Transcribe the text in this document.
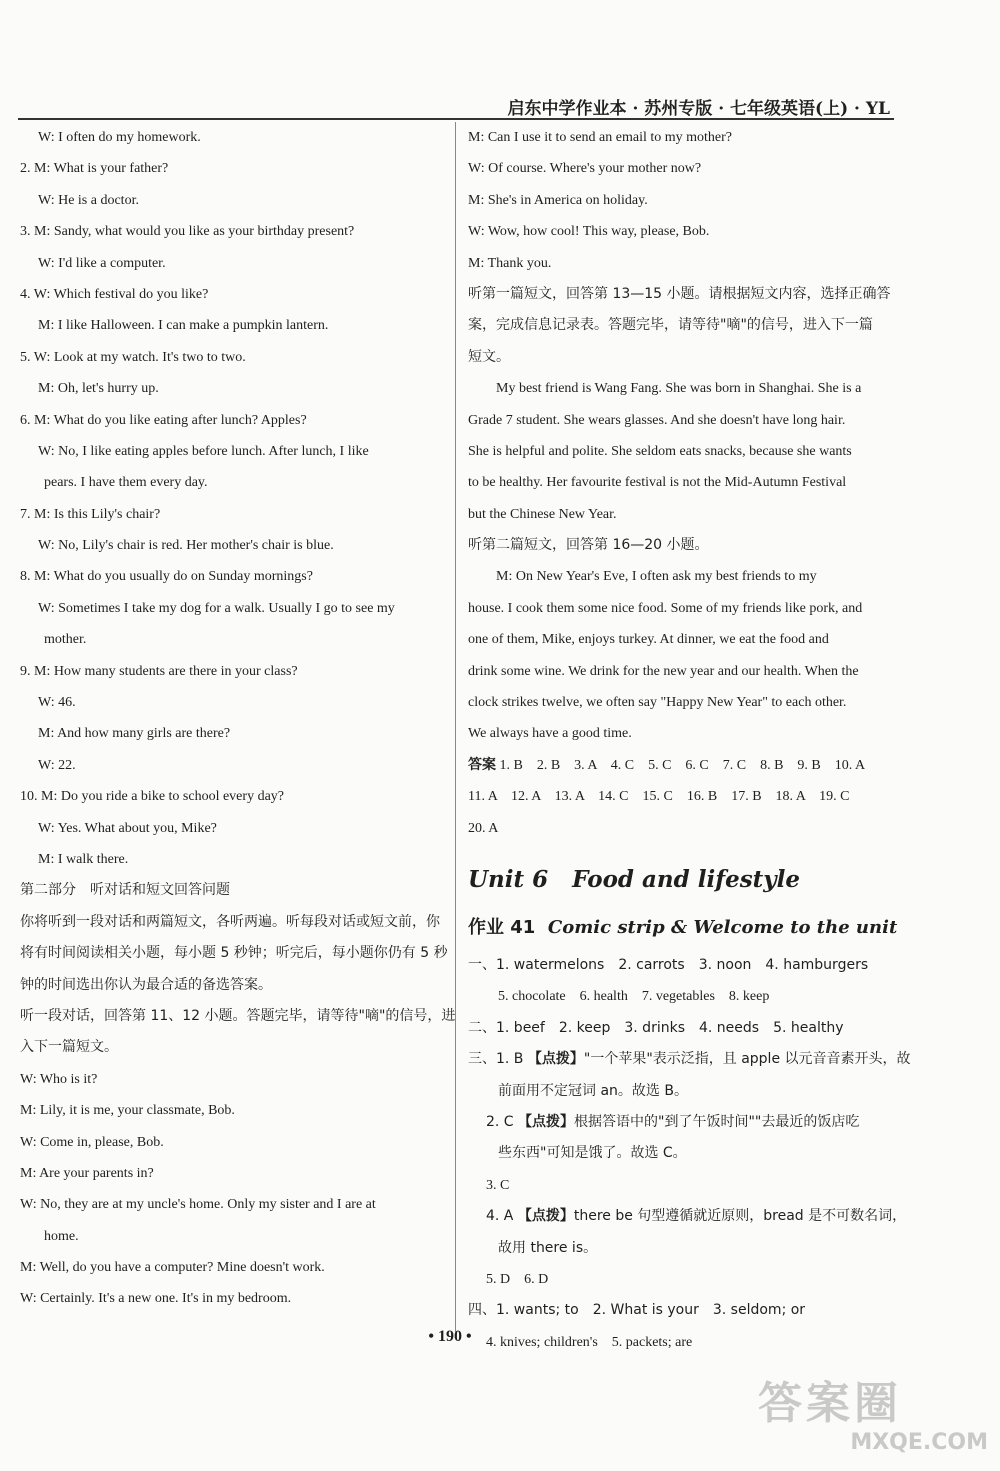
启东中学作业本 · 苏州专版 · 七年级英语(上) · YL
W: I often do my homework.
2. M: What is your father?
W: He is a doctor.
3. M: Sandy, what would you like as your birthday present?
W: I'd like a computer.
4. W: Which festival do you like?
M: I like Halloween. I can make a pumpkin lantern.
5. W: Look at my watch. It's two to two.
M: Oh, let's hurry up.
6. M: What do you like eating after lunch? Apples?
W: No, I like eating apples before lunch. After lunch, I like
pears. I have them every day.
7. M: Is this Lily's chair?
W: No, Lily's chair is red. Her mother's chair is blue.
8. M: What do you usually do on Sunday mornings?
W: Sometimes I take my dog for a walk. Usually I go to see my
mother.
9. M: How many students are there in your class?
W: 46.
M: And how many girls are there?
W: 22.
10. M: Do you ride a bike to school every day?
W: Yes. What about you, Mike?
M: I walk there.
第二部分　听对话和短文回答问题
你将听到一段对话和两篇短文，各听两遍。听每段对话或短文前，你
将有时间阅读相关小题，每小题 5 秒钟；听完后，每小题你仍有 5 秒
钟的时间选出你认为最合适的备选答案。
听一段对话，回答第 11、12 小题。答题完毕，请等待"嘀"的信号，进
入下一篇短文。
W: Who is it?
M: Lily, it is me, your classmate, Bob.
W: Come in, please, Bob.
M: Are your parents in?
W: No, they are at my uncle's home. Only my sister and I are at
home.
M: Well, do you have a computer? Mine doesn't work.
W: Certainly. It's a new one. It's in my bedroom.
M: Can I use it to send an email to my mother?
W: Of course. Where's your mother now?
M: She's in America on holiday.
W: Wow, how cool! This way, please, Bob.
M: Thank you.
听第一篇短文，回答第 13—15 小题。请根据短文内容，选择正确答
案，完成信息记录表。答题完毕，请等待"嘀"的信号，进入下一篇
短文。
My best friend is Wang Fang. She was born in Shanghai. She is a
Grade 7 student. She wears glasses. And she doesn't have long hair.
She is helpful and polite. She seldom eats snacks, because she wants
to be healthy. Her favourite festival is not the Mid-Autumn Festival
but the Chinese New Year.
听第二篇短文，回答第 16—20 小题。
M: On New Year's Eve, I often ask my best friends to my
house. I cook them some nice food. Some of my friends like pork, and
one of them, Mike, enjoys turkey. At dinner, we eat the food and
drink some wine. We drink for the new year and our health. When the
clock strikes twelve, we often say "Happy New Year" to each other.
We always have a good time.
答案 1. B　2. B　3. A　4. C　5. C　6. C　7. C　8. B　9. B　10. A
11. A　12. A　13. A　14. C　15. C　16. B　17. B　18. A　19. C
20. A
Unit 6 Food and lifestyle
作业 41 Comic strip & Welcome to the unit
一、1. watermelons　2. carrots　3. noon　4. hamburgers
5. chocolate　6. health　7. vegetables　8. keep
二、1. beef　2. keep　3. drinks　4. needs　5. healthy
三、1. B 【点拨】"一个苹果"表示泛指，且 apple 以元音音素开头，故
前面用不定冠词 an。故选 B。
2. C 【点拨】根据答语中的"到了午饭时间""去最近的饭店吃
些东西"可知是饿了。故选 C。
3. C
4. A 【点拨】there be 句型遵循就近原则，bread 是不可数名词，
故用 there is。
5. D　6. D
四、1. wants; to　2. What is your　3. seldom; or
4. knives; children's　5. packets; are
• 190 •
答案圈
MXQE.COM
